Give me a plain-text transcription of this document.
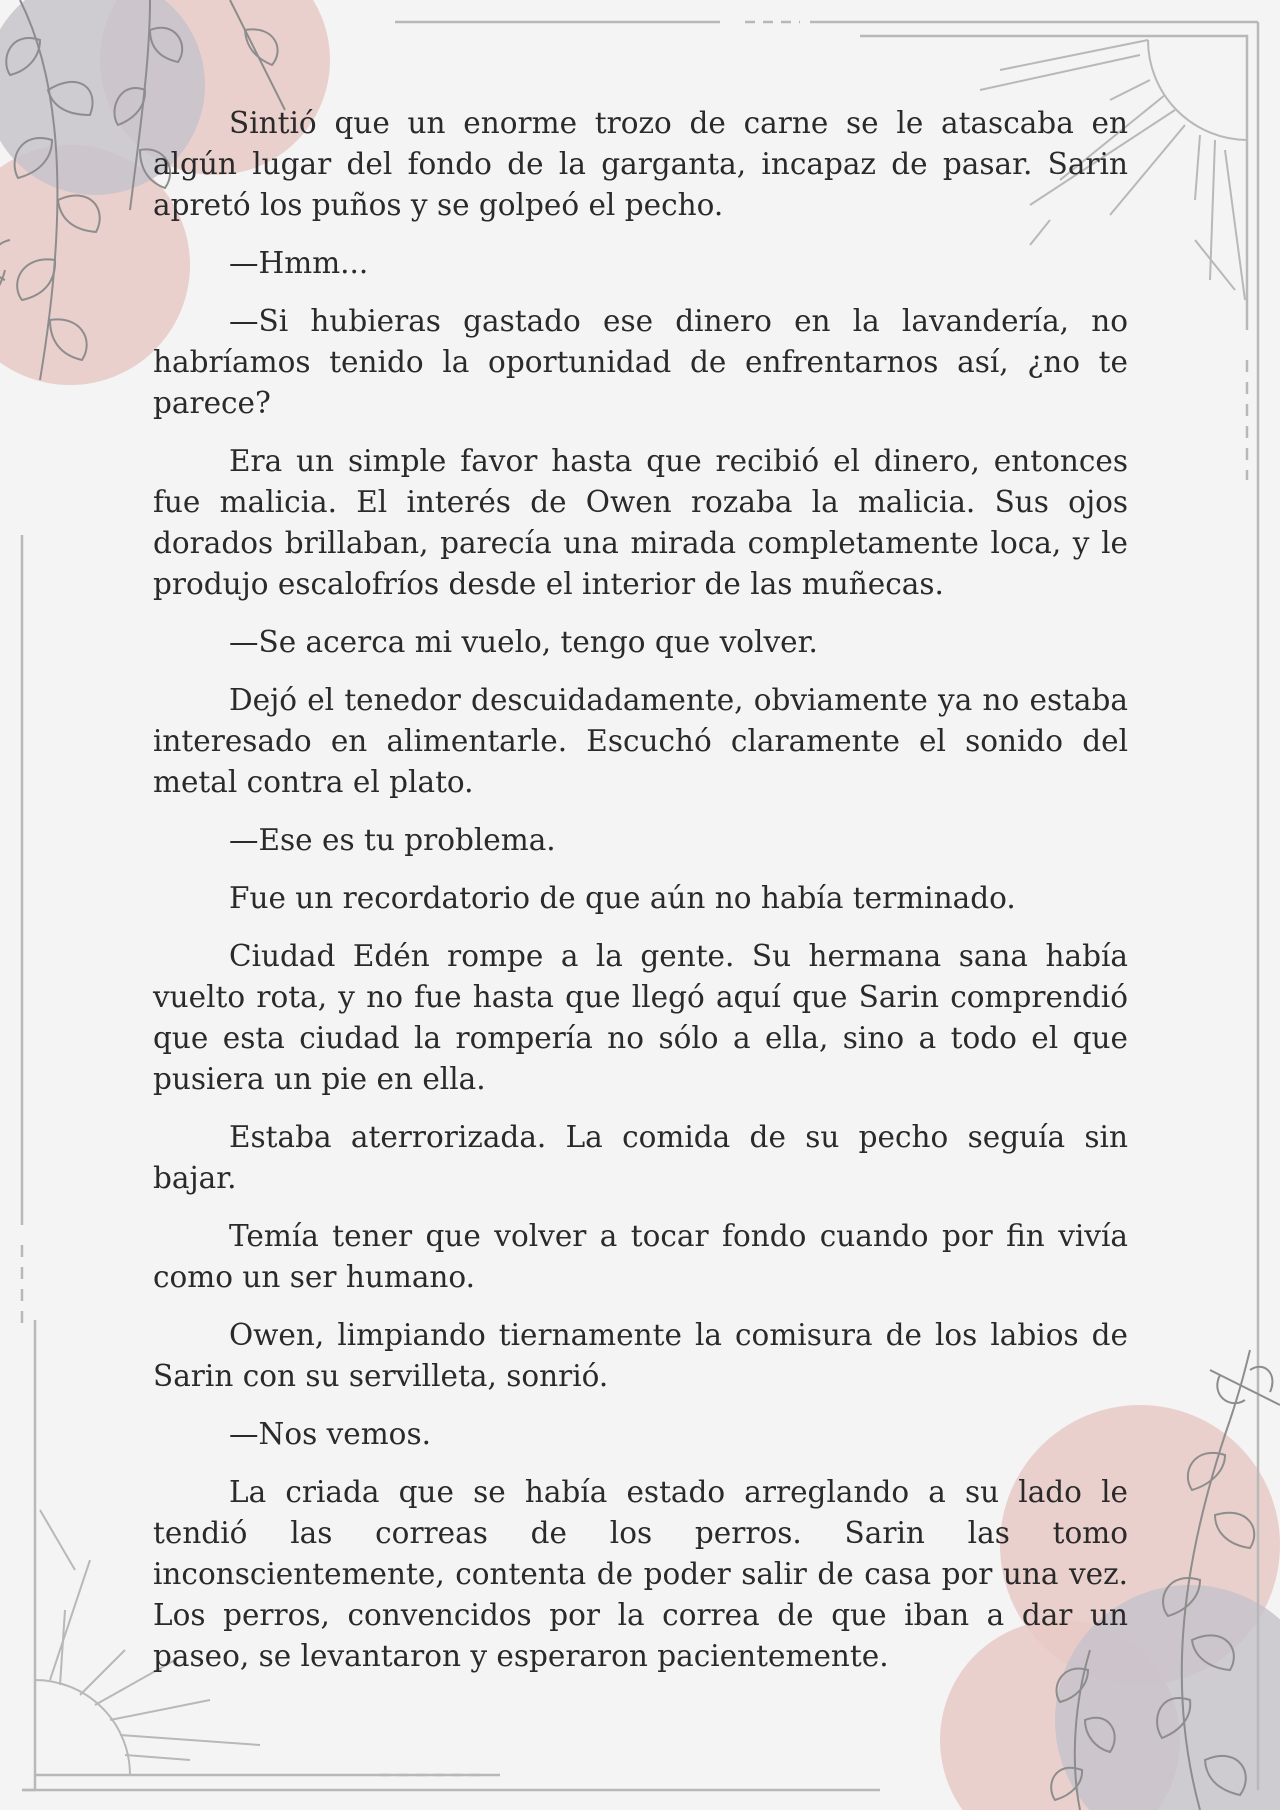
Sintió que un enorme trozo de carne se le atascaba en algún lugar del fondo de la garganta, incapaz de pasar. Sarin apretó los puños y se golpeó el pecho.

—Hmm...

—Si hubieras gastado ese dinero en la lavandería, no habríamos tenido la oportunidad de enfrentarnos así, ¿no te parece?

Era un simple favor hasta que recibió el dinero, entonces fue malicia. El interés de Owen rozaba la malicia. Sus ojos dorados brillaban, parecía una mirada completamente loca, y le produjo escalofríos desde el interior de las muñecas.

—Se acerca mi vuelo, tengo que volver.

Dejó el tenedor descuidadamente, obviamente ya no estaba interesado en alimentarle. Escuchó claramente el sonido del metal contra el plato.

—Ese es tu problema.

Fue un recordatorio de que aún no había terminado.

Ciudad Edén rompe a la gente. Su hermana sana había vuelto rota, y no fue hasta que llegó aquí que Sarin comprendió que esta ciudad la rompería no sólo a ella, sino a todo el que pusiera un pie en ella.

Estaba aterrorizada. La comida de su pecho seguía sin bajar.

Temía tener que volver a tocar fondo cuando por fin vivía como un ser humano.

Owen, limpiando tiernamente la comisura de los labios de Sarin con su servilleta, sonrió.

—Nos vemos.

La criada que se había estado arreglando a su lado le tendió las correas de los perros. Sarin las tomo inconscientemente, contenta de poder salir de casa por una vez. Los perros, convencidos por la correa de que iban a dar un paseo, se levantaron y esperaron pacientemente.
